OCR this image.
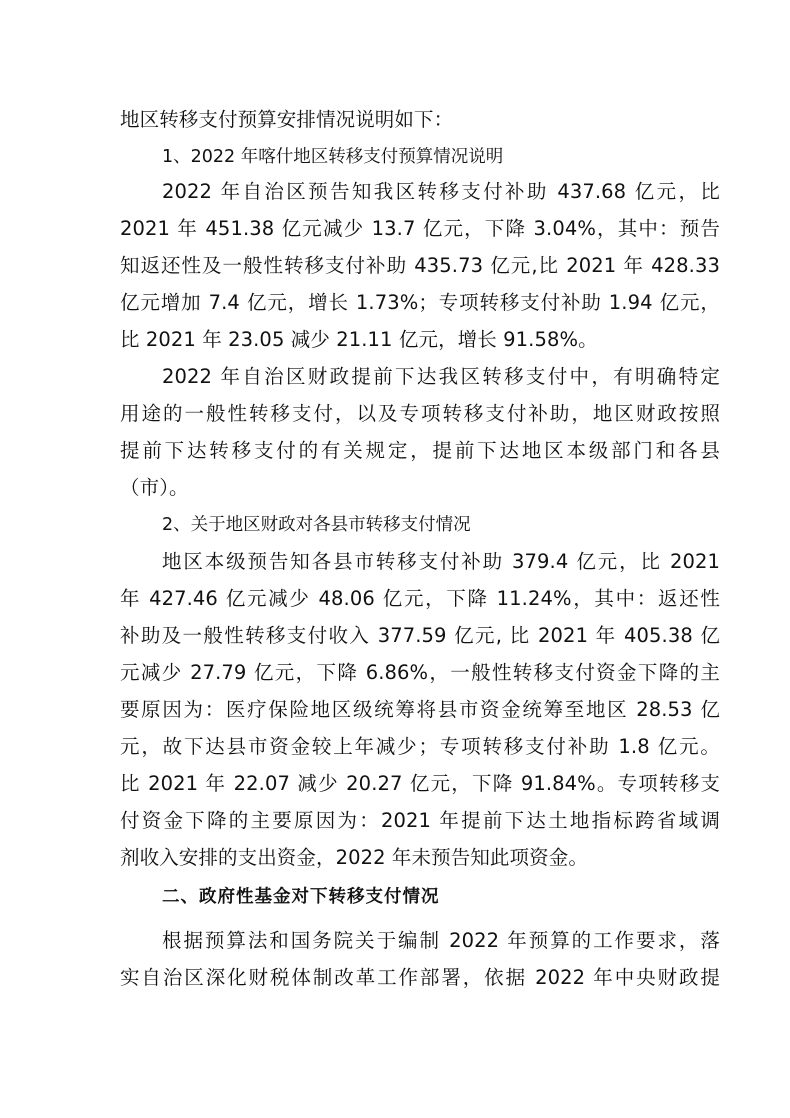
地区转移支付预算安排情况说明如下：
1、2022 年喀什地区转移支付预算情况说明
2022 年自治区预告知我区转移支付补助 437.68 亿元，比
2021 年 451.38 亿元减少 13.7 亿元，下降 3.04%，其中：预告
知返还性及一般性转移支付补助 435.73 亿元,比 2021 年 428.33
亿元增加 7.4 亿元，增长 1.73%；专项转移支付补助 1.94 亿元，
比 2021 年 23.05 减少 21.11 亿元，增长 91.58%。
2022 年自治区财政提前下达我区转移支付中，有明确特定
用途的一般性转移支付，以及专项转移支付补助，地区财政按照
提前下达转移支付的有关规定，提前下达地区本级部门和各县
（市）。
2、关于地区财政对各县市转移支付情况
地区本级预告知各县市转移支付补助 379.4 亿元，比 2021
年 427.46 亿元减少 48.06 亿元，下降 11.24%，其中：返还性
补助及一般性转移支付收入 377.59 亿元, 比 2021 年 405.38 亿
元减少 27.79 亿元，下降 6.86%，一般性转移支付资金下降的主
要原因为：医疗保险地区级统筹将县市资金统筹至地区 28.53 亿
元，故下达县市资金较上年减少；专项转移支付补助 1.8 亿元。
比 2021 年 22.07 减少 20.27 亿元，下降 91.84%。专项转移支
付资金下降的主要原因为：2021 年提前下达土地指标跨省域调
剂收入安排的支出资金，2022 年未预告知此项资金。
二、政府性基金对下转移支付情况
根据预算法和国务院关于编制 2022 年预算的工作要求，落
实自治区深化财税体制改革工作部署，依据 2022 年中央财政提
